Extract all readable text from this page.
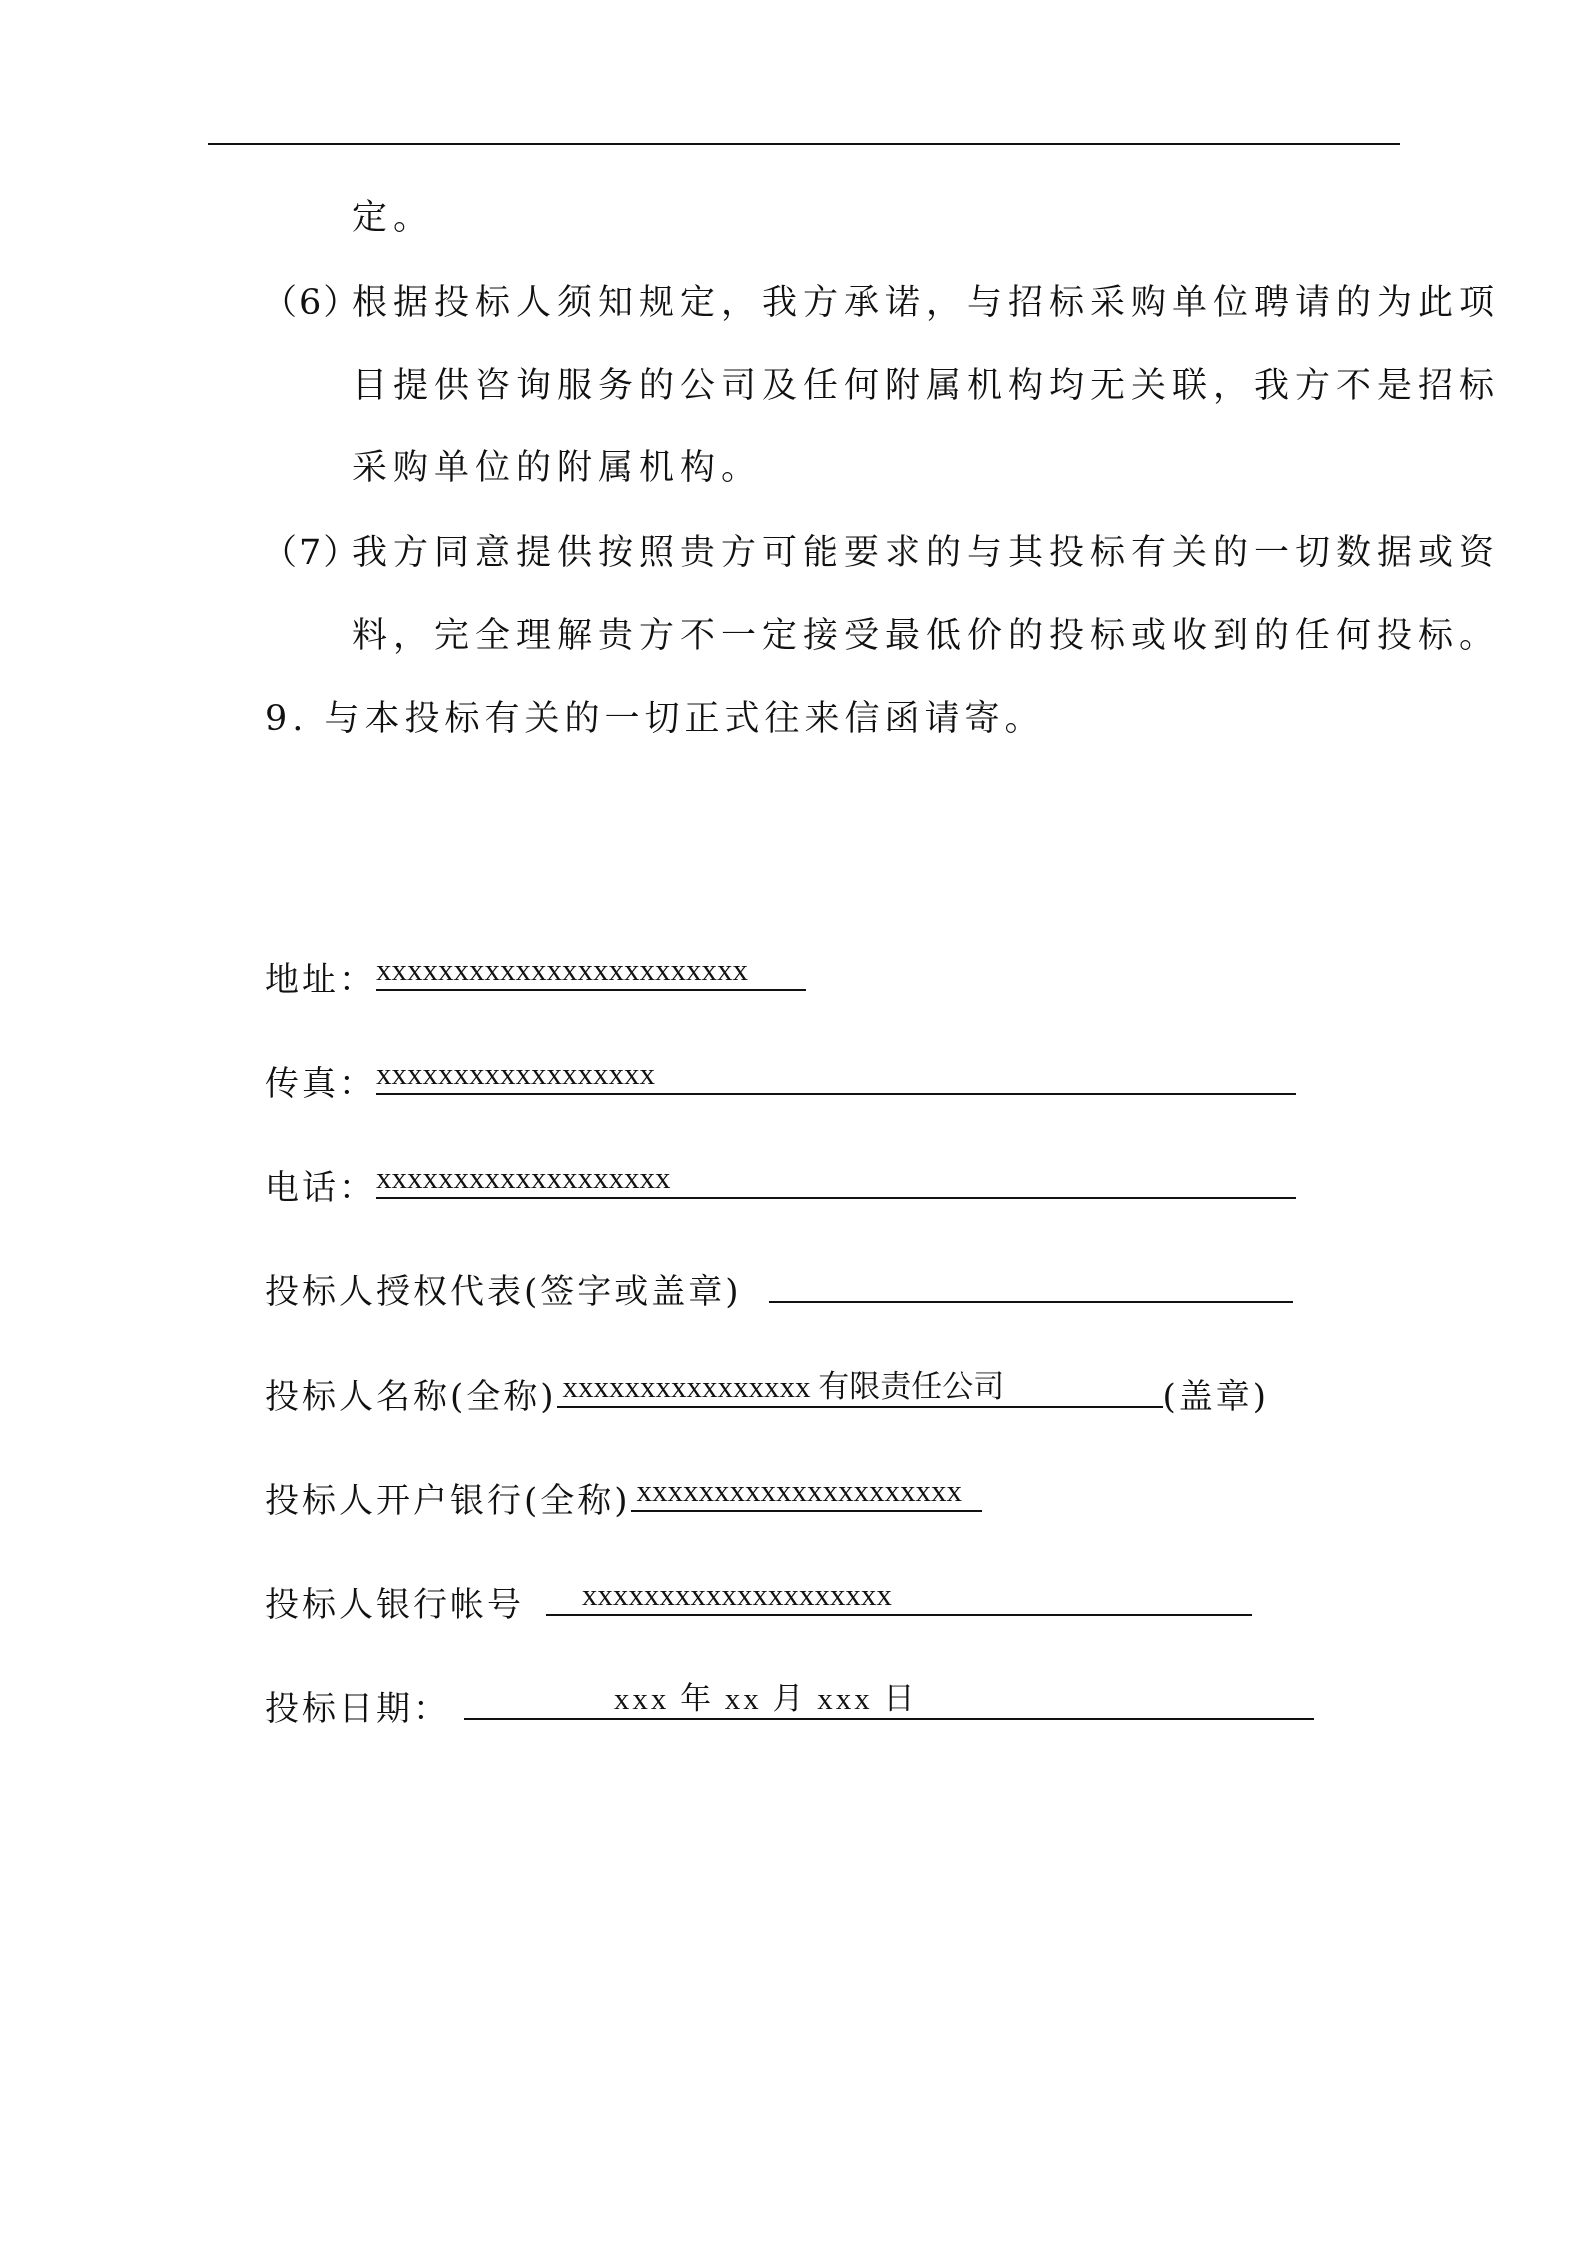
定。

（6）

根据投标人须知规定，我方承诺，与招标采购单位聘请的为此项

目提供咨询服务的公司及任何附属机构均无关联，我方不是招标

采购单位的附属机构。

（7）

我方同意提供按照贵方可能要求的与其投标有关的一切数据或资

料，完全理解贵方不一定接受最低价的投标或收到的任何投标。

9. 与本投标有关的一切正式往来信函请寄。

地址：xxxxxxxxxxxxxxxxxxxxxxxx
传真：xxxxxxxxxxxxxxxxxx
电话：xxxxxxxxxxxxxxxxxxx
投标人授权代表(签字或盖章)
投标人名称(全称) xxxxxxxxxxxxxxxx 有限责任公司	(盖章)
投标人开户银行(全称) xxxxxxxxxxxxxxxxxxxxx
投标人银行帐号 xxxxxxxxxxxxxxxxxxxx
投标日期：	xxx 年 xx 月 xxx 日
